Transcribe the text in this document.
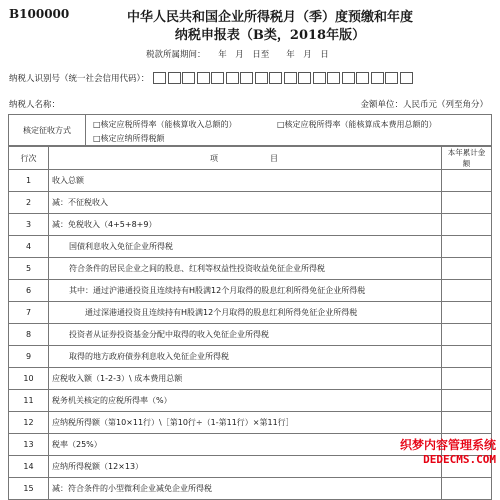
B100000	中华人民共和国企业所得税月（季）度预缴和年度
纳税申报表（B类，2018年版）
税款所属期间：　　年　月　日至　　年　月　日
纳税人识别号（统一社会信用代码）：
纳税人名称：	金额单位：人民币元（列至角分）
核定征收方式
□核定应税所得率（能核算收入总额的）	□核定应税所得率（能核算成本费用总额的）
□核定应纳所得税额
行次	项　　　　　目	本年累计金额
1	收入总额	
2	减：不征税收入	
3	减：免税收入（4+5+8+9）	
4	国债利息收入免征企业所得税	
5	符合条件的居民企业之间的股息、红利等权益性投资收益免征企业所得税	
6	其中：通过沪港通投资且连续持有H股满12个月取得的股息红利所得免征企业所得税	
7	通过深港通投资且连续持有H股满12个月取得的股息红利所得免征企业所得税	
8	投资者从证券投资基金分配中取得的收入免征企业所得税	
9	取得的地方政府债券利息收入免征企业所得税	
10	应税收入额（1-2-3）\ 成本费用总额	
11	税务机关核定的应税所得率（%）	
12	应纳税所得额（第10×11行）\［第10行÷（1-第11行）×第11行］	
13	税率（25%）	
14	应纳所得税额（12×13）	
15	减：符合条件的小型微利企业减免企业所得税	
织梦内容管理系统
DEDECMS.COM
